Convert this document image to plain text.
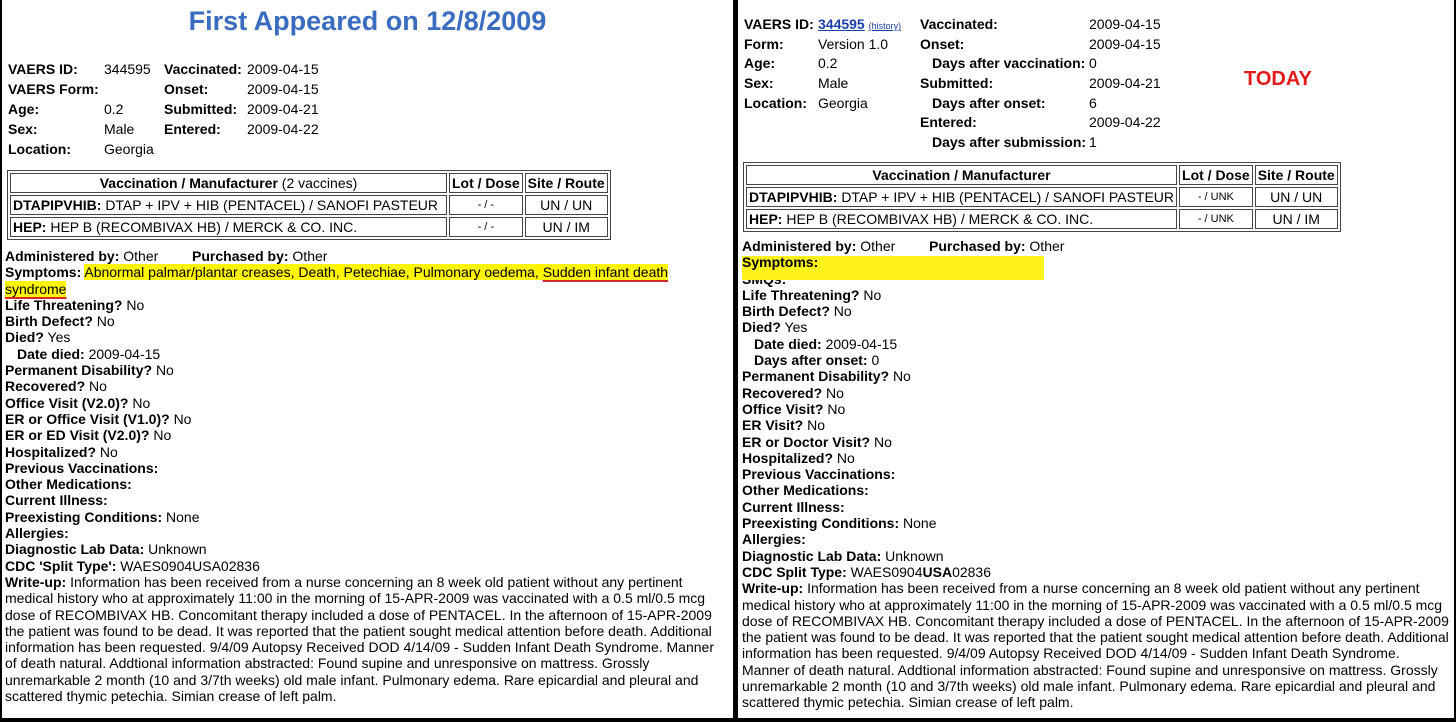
First Appeared on 12/8/2009
VAERS ID: 344595
VAERS Form:
Age:	0.2
Sex:	Male
Location: Georgia
Vaccinated: 2009-04-15
Onset:	2009-04-15
Submitted: 2009-04-21
Entered: 2009-04-22
Vaccination / Manufacturer (2 vaccines)	Lot / Dose	Site / Route
DTAPIPVHIB: DTAP + IPV + HIB (PENTACEL) / SANOFI PASTEUR	- / -	UN / UN
HEP: HEP B (RECOMBIVAX HB) / MERCK & CO. INC.	- / -	UN / IM
Administered by: Other Purchased by: Other
Symptoms: Abnormal palmar/plantar creases, Death, Petechiae, Pulmonary oedema, Sudden infant death
syndrome
Life Threatening? No
Birth Defect? No
Died? Yes
Date died: 2009-04-15
Permanent Disability? No
Recovered? No
Office Visit (V2.0)? No
ER or Office Visit (V1.0)? No
ER or ED Visit (V2.0)? No
Hospitalized? No
Previous Vaccinations:
Other Medications:
Current Illness:
Preexisting Conditions: None
Allergies:
Diagnostic Lab Data: Unknown
CDC 'Split Type': WAES0904USA02836
Write-up: Information has been received from a nurse concerning an 8 week old patient without any pertinent medical history who at approximately 11:00 in the morning of 15-APR-2009 was vaccinated with a 0.5 ml/0.5 mcg dose of RECOMBIVAX HB. Concomitant therapy included a dose of PENTACEL. In the afternoon of 15-APR-2009 the patient was found to be dead. It was reported that the patient sought medical attention before death. Additional information has been requested. 9/4/09 Autopsy Received DOD 4/14/09 - Sudden Infant Death Syndrome. Manner of death natural. Addtional information abstracted: Found supine and unresponsive on mattress. Grossly unremarkable 2 month (10 and 3/7th weeks) old male infant. Pulmonary edema. Rare epicardial and pleural and scattered thymic petechia. Simian crease of left palm.
TODAY
VAERS ID: 344595 (history)
Form: Version 1.0
Age:	0.2
Sex:	Male
Location: Georgia
Vaccinated:	2009-04-15
Onset:	2009-04-15
Days after vaccination: 0
Submitted:	2009-04-21
Days after onset:	6
Entered:	2009-04-22
Days after submission: 1
Vaccination / Manufacturer	Lot / Dose	Site / Route
DTAPIPVHIB: DTAP + IPV + HIB (PENTACEL) / SANOFI PASTEUR	- / UNK	UN / UN
HEP: HEP B (RECOMBIVAX HB) / MERCK & CO. INC.	- / UNK	UN / IM
Administered by: Other Purchased by: Other
Symptoms:
Life Threatening? No
Birth Defect? No
Died? Yes
Date died: 2009-04-15
Days after onset: 0
Permanent Disability? No
Recovered? No
Office Visit? No
ER Visit? No
ER or Doctor Visit? No
Hospitalized? No
Previous Vaccinations:
Other Medications:
Current Illness:
Preexisting Conditions: None
Allergies:
Diagnostic Lab Data: Unknown
CDC Split Type: WAES0904USA02836
Write-up: Information has been received from a nurse concerning an 8 week old patient without any pertinent medical history who at approximately 11:00 in the morning of 15-APR-2009 was vaccinated with a 0.5 ml/0.5 mcg dose of RECOMBIVAX HB. Concomitant therapy included a dose of PENTACEL. In the afternoon of 15-APR-2009 the patient was found to be dead. It was reported that the patient sought medical attention before death. Additional information has been requested. 9/4/09 Autopsy Received DOD 4/14/09 - Sudden Infant Death Syndrome. Manner of death natural. Addtional information abstracted: Found supine and unresponsive on mattress. Grossly unremarkable 2 month (10 and 3/7th weeks) old male infant. Pulmonary edema. Rare epicardial and pleural and scattered thymic petechia. Simian crease of left palm.
